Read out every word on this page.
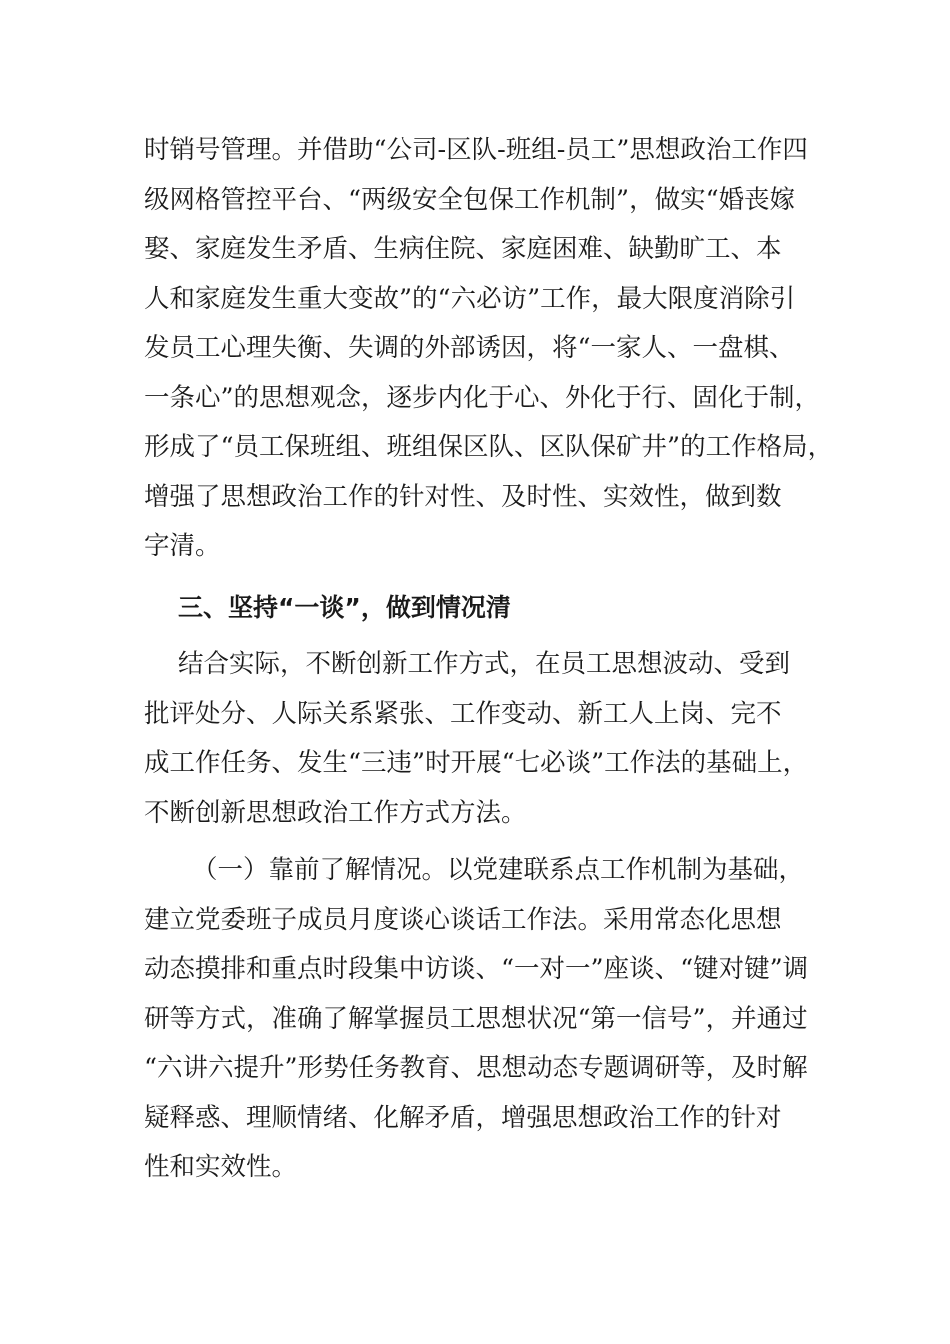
时销号管理。并借助“公司-区队-班组-员工”思想政治工作四
级网格管控平台、“两级安全包保工作机制”，做实“婚丧嫁
娶、家庭发生矛盾、生病住院、家庭困难、缺勤旷工、本
人和家庭发生重大变故”的“六必访”工作，最大限度消除引
发员工心理失衡、失调的外部诱因，将“一家人、一盘棋、
一条心”的思想观念，逐步内化于心、外化于行、固化于制，
形成了“员工保班组、班组保区队、区队保矿井”的工作格局，
增强了思想政治工作的针对性、及时性、实效性，做到数
字清。
三、坚持“一谈”，做到情况清
结合实际，不断创新工作方式，在员工思想波动、受到
批评处分、人际关系紧张、工作变动、新工人上岗、完不
成工作任务、发生“三违”时开展“七必谈”工作法的基础上，
不断创新思想政治工作方式方法。
（一）靠前了解情况。以党建联系点工作机制为基础，
建立党委班子成员月度谈心谈话工作法。采用常态化思想
动态摸排和重点时段集中访谈、“一对一”座谈、“键对键”调
研等方式，准确了解掌握员工思想状况“第一信号”，并通过
“六讲六提升”形势任务教育、思想动态专题调研等，及时解
疑释惑、理顺情绪、化解矛盾，增强思想政治工作的针对
性和实效性。
